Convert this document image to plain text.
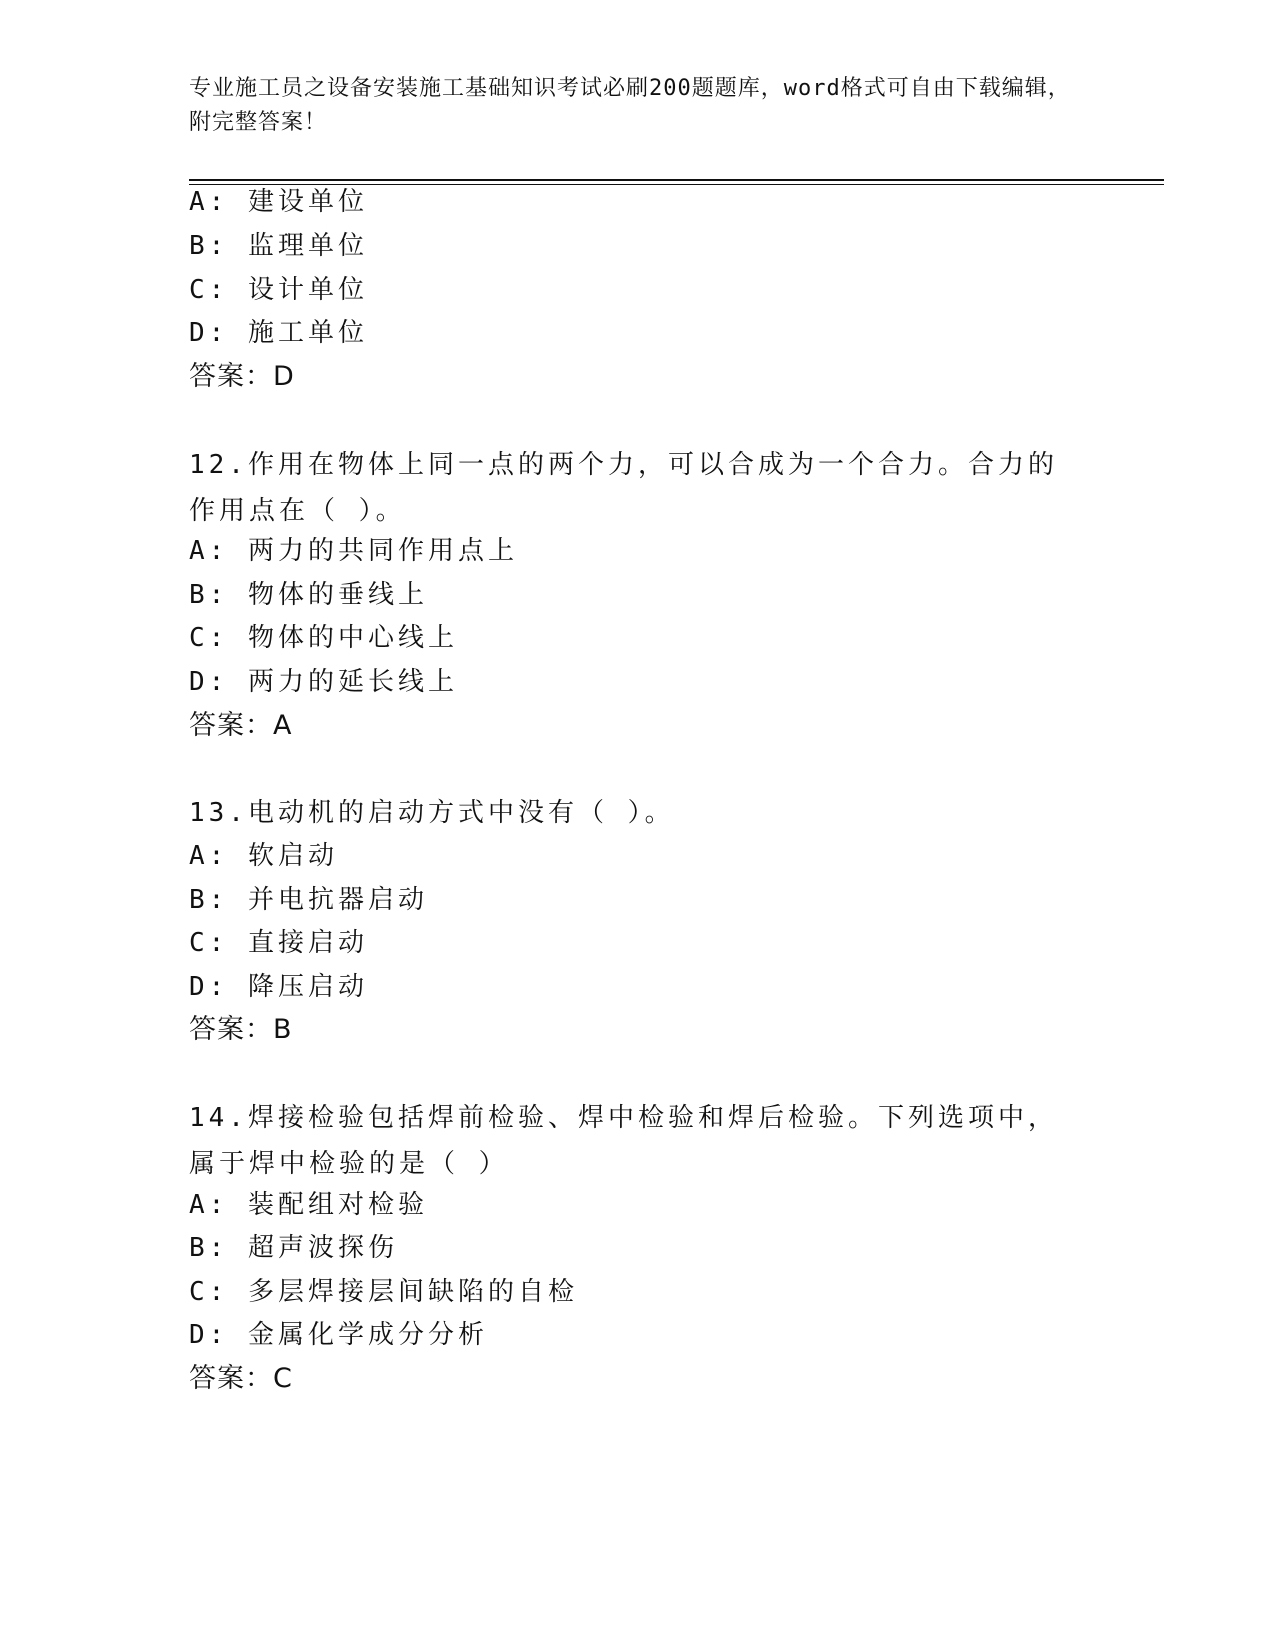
专业施工员之设备安装施工基础知识考试必刷200题题库，word格式可自由下载编辑，附完整答案！
A: 建设单位
B: 监理单位
C: 设计单位
D: 施工单位
答案：D
12.作用在物体上同一点的两个力，可以合成为一个合力。合力的作用点在（ ）。
A: 两力的共同作用点上
B: 物体的垂线上
C: 物体的中心线上
D: 两力的延长线上
答案：A
13.电动机的启动方式中没有（ ）。
A: 软启动
B: 并电抗器启动
C: 直接启动
D: 降压启动
答案：B
14.焊接检验包括焊前检验、焊中检验和焊后检验。下列选项中，属于焊中检验的是（ ）
A: 装配组对检验
B: 超声波探伤
C: 多层焊接层间缺陷的自检
D: 金属化学成分分析
答案：C
